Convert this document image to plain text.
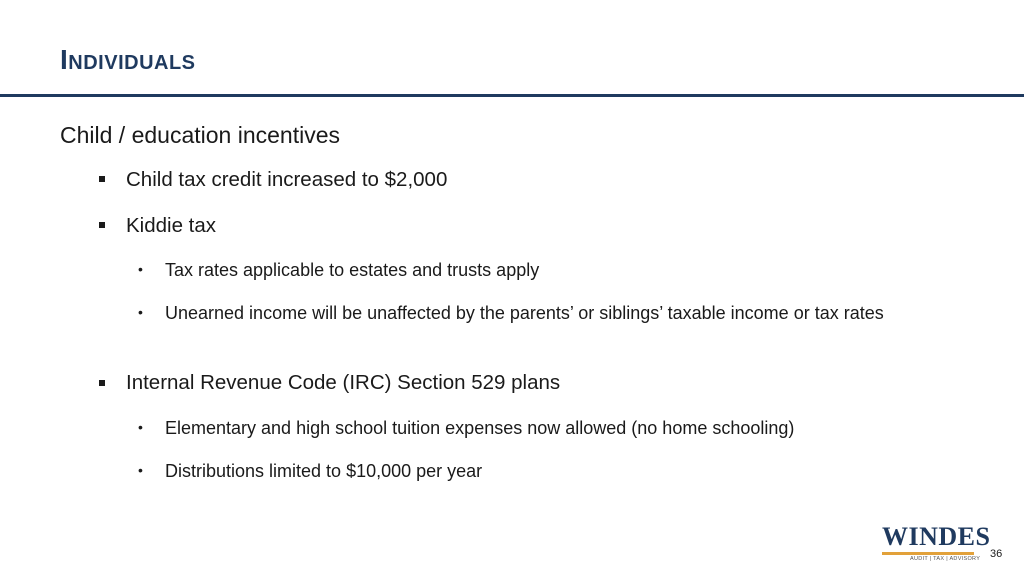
Individuals
Child / education incentives
Child tax credit increased to $2,000
Kiddie tax
• Tax rates applicable to estates and trusts apply
• Unearned income will be unaffected by the parents’ or siblings’ taxable income or tax rates
Internal Revenue Code (IRC) Section 529 plans
• Elementary and high school tuition expenses now allowed (no home schooling)
• Distributions limited to $10,000 per year
WINDES
AUDIT | TAX | ADVISORY 36
